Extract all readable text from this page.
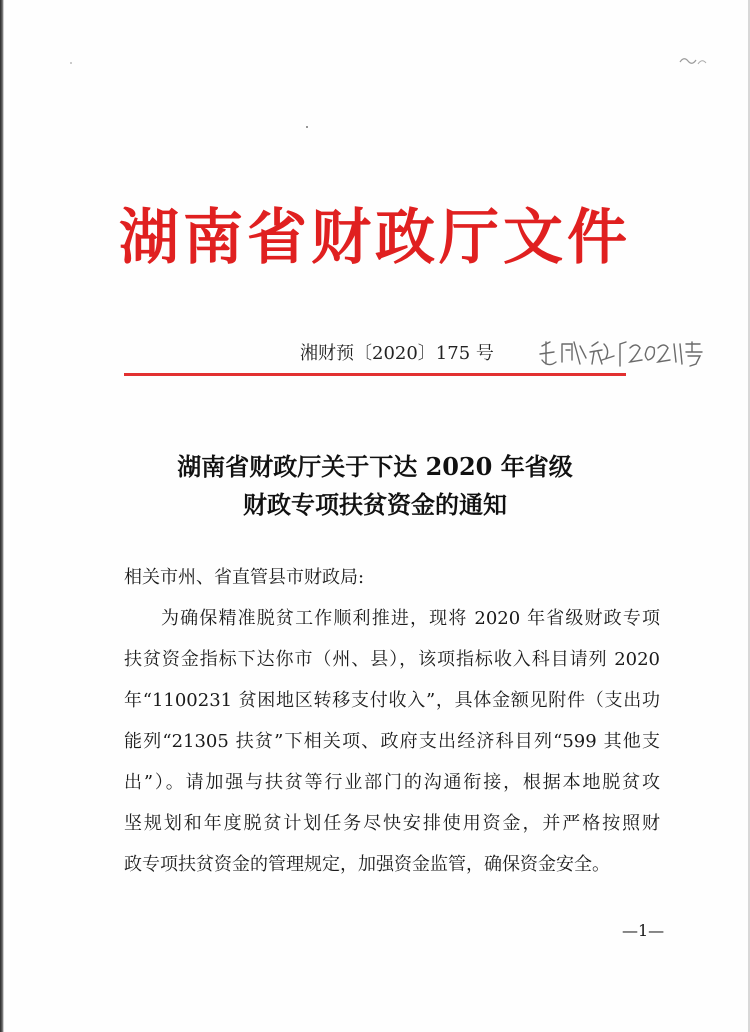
湖南省财政厅文件
湘财预〔2020〕175 号
湖南省财政厅关于下达 2020 年省级
财政专项扶贫资金的通知
相关市州、省直管县市财政局:
为确保精准脱贫工作顺利推进，现将 2020 年省级财政专项
扶贫资金指标下达你市（州、县），该项指标收入科目请列 2020
年“1100231 贫困地区转移支付收入”，具体金额见附件（支出功
能列“21305 扶贫”下相关项、政府支出经济科目列“599 其他支
出”）。请加强与扶贫等行业部门的沟通衔接，根据本地脱贫攻
坚规划和年度脱贫计划任务尽快安排使用资金，并严格按照财
政专项扶贫资金的管理规定，加强资金监管，确保资金安全。
—1—
